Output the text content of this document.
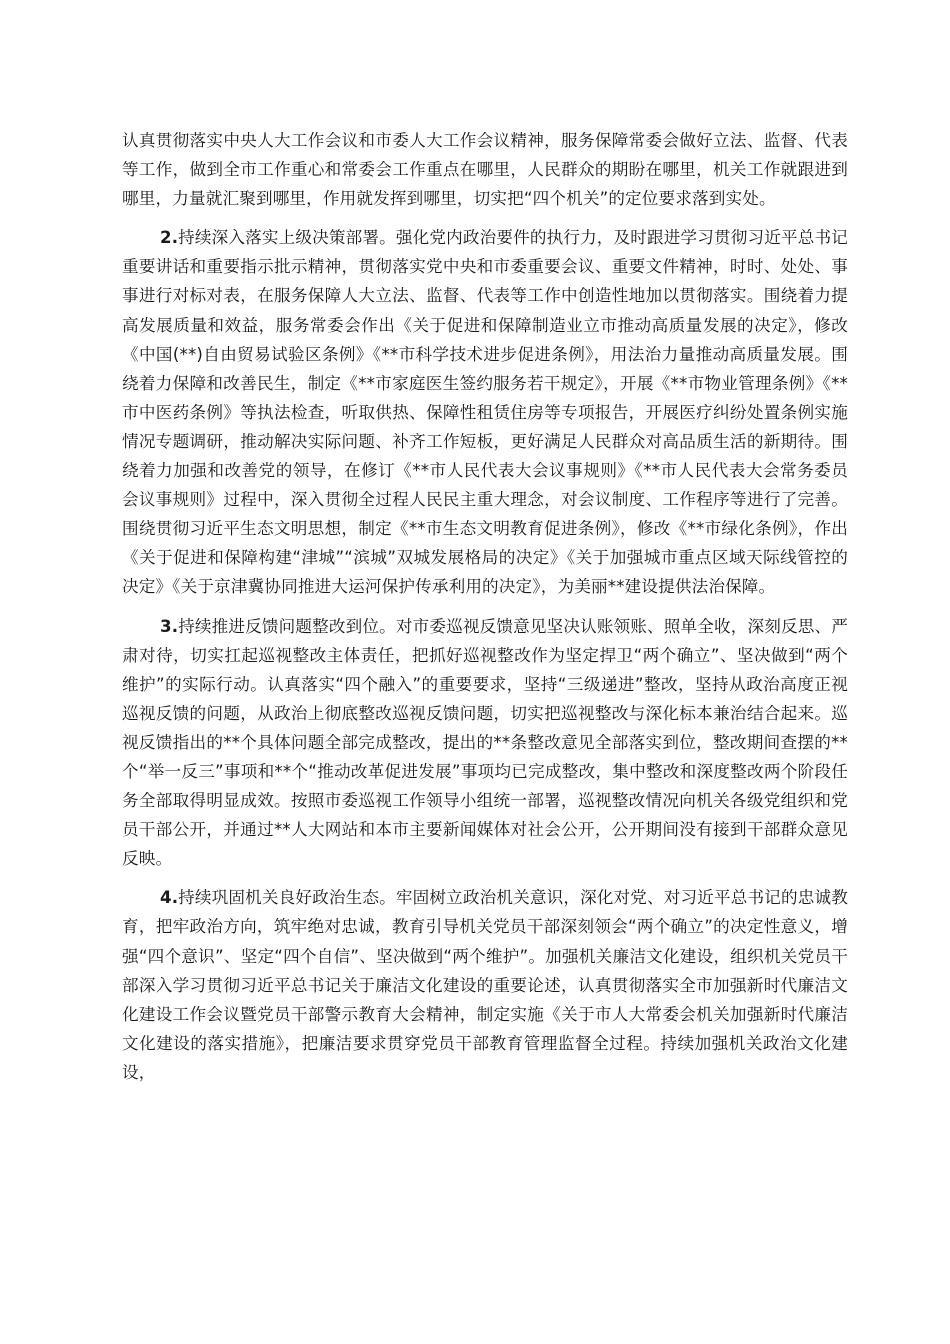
认真贯彻落实中央人大工作会议和市委人大工作会议精神，服务保障常委会做好立法、监督、代表等工作，做到全市工作重心和常委会工作重点在哪里，人民群众的期盼在哪里，机关工作就跟进到哪里，力量就汇聚到哪里，作用就发挥到哪里，切实把“四个机关”的定位要求落到实处。

2.持续深入落实上级决策部署。强化党内政治要件的执行力，及时跟进学习贯彻习近平总书记重要讲话和重要指示批示精神，贯彻落实党中央和市委重要会议、重要文件精神，时时、处处、事事进行对标对表，在服务保障人大立法、监督、代表等工作中创造性地加以贯彻落实。围绕着力提高发展质量和效益，服务常委会作出《关于促进和保障制造业立市推动高质量发展的决定》，修改《中国(**)自由贸易试验区条例》《**市科学技术进步促进条例》，用法治力量推动高质量发展。围绕着力保障和改善民生，制定《**市家庭医生签约服务若干规定》，开展《**市物业管理条例》《**市中医药条例》等执法检查，听取供热、保障性租赁住房等专项报告，开展医疗纠纷处置条例实施情况专题调研，推动解决实际问题、补齐工作短板，更好满足人民群众对高品质生活的新期待。围绕着力加强和改善党的领导，在修订《**市人民代表大会议事规则》《**市人民代表大会常务委员会议事规则》过程中，深入贯彻全过程人民民主重大理念，对会议制度、工作程序等进行了完善。围绕贯彻习近平生态文明思想，制定《**市生态文明教育促进条例》，修改《**市绿化条例》，作出《关于促进和保障构建“津城”“滨城”双城发展格局的决定》《关于加强城市重点区域天际线管控的决定》《关于京津冀协同推进大运河保护传承利用的决定》，为美丽**建设提供法治保障。

3.持续推进反馈问题整改到位。对市委巡视反馈意见坚决认账领账、照单全收，深刻反思、严肃对待，切实扛起巡视整改主体责任，把抓好巡视整改作为坚定捍卫“两个确立”、坚决做到“两个维护”的实际行动。认真落实“四个融入”的重要要求，坚持“三级递进”整改，坚持从政治高度正视巡视反馈的问题，从政治上彻底整改巡视反馈问题，切实把巡视整改与深化标本兼治结合起来。巡视反馈指出的**个具体问题全部完成整改，提出的**条整改意见全部落实到位，整改期间查摆的**个“举一反三”事项和**个“推动改革促进发展”事项均已完成整改，集中整改和深度整改两个阶段任务全部取得明显成效。按照市委巡视工作领导小组统一部署，巡视整改情况向机关各级党组织和党员干部公开，并通过**人大网站和本市主要新闻媒体对社会公开，公开期间没有接到干部群众意见反映。

4.持续巩固机关良好政治生态。牢固树立政治机关意识，深化对党、对习近平总书记的忠诚教育，把牢政治方向，筑牢绝对忠诚，教育引导机关党员干部深刻领会“两个确立”的决定性意义，增强“四个意识”、坚定“四个自信”、坚决做到“两个维护”。加强机关廉洁文化建设，组织机关党员干部深入学习贯彻习近平总书记关于廉洁文化建设的重要论述，认真贯彻落实全市加强新时代廉洁文化建设工作会议暨党员干部警示教育大会精神，制定实施《关于市人大常委会机关加强新时代廉洁文化建设的落实措施》，把廉洁要求贯穿党员干部教育管理监督全过程。持续加强机关政治文化建设，
